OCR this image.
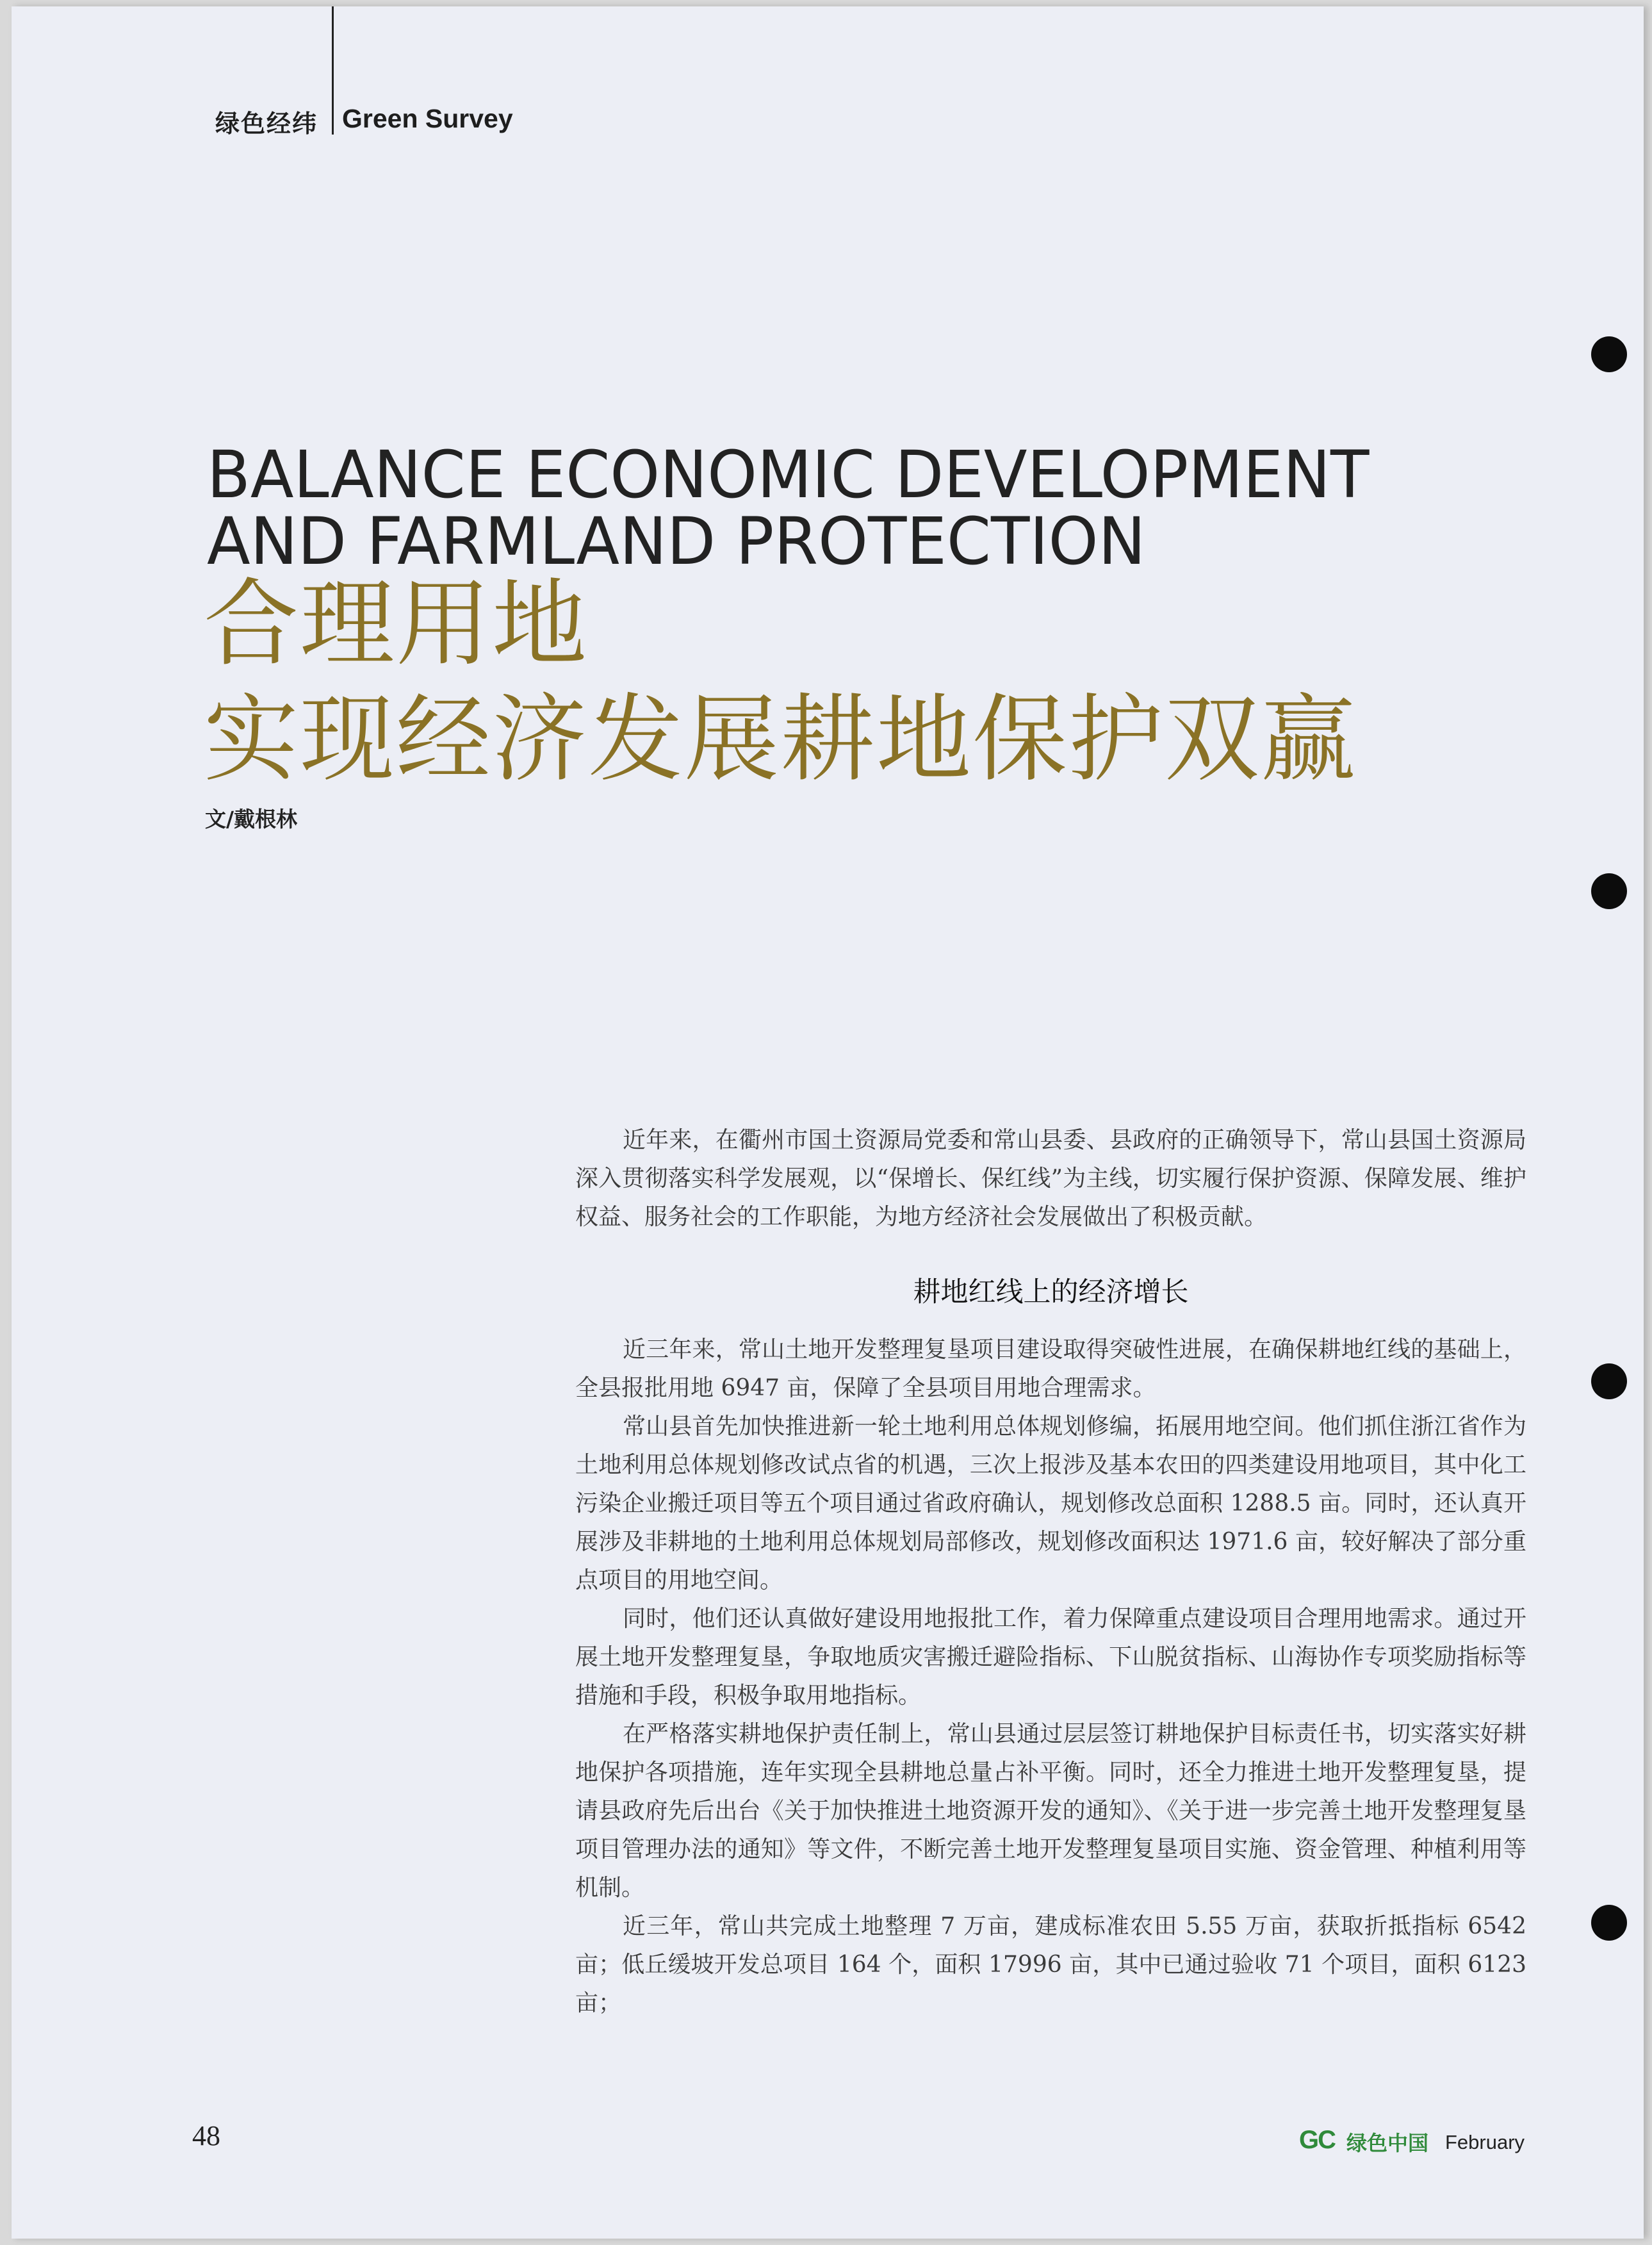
绿色经纬 Green Survey
BALANCE ECONOMIC DEVELOPMENT
AND FARMLAND PROTECTION
合理用地
实现经济发展耕地保护双赢
文/戴根林

近年来，在衢州市国土资源局党委和常山县委、县政府的正确领导下，常山县国土资源局深入贯彻落实科学发展观，以“保增长、保红线”为主线，切实履行保护资源、保障发展、维护权益、服务社会的工作职能，为地方经济社会发展做出了积极贡献。

耕地红线上的经济增长

近三年来，常山土地开发整理复垦项目建设取得突破性进展，在确保耕地红线的基础上，全县报批用地 6947 亩，保障了全县项目用地合理需求。

常山县首先加快推进新一轮土地利用总体规划修编，拓展用地空间。他们抓住浙江省作为土地利用总体规划修改试点省的机遇，三次上报涉及基本农田的四类建设用地项目，其中化工污染企业搬迁项目等五个项目通过省政府确认，规划修改总面积 1288.5 亩。同时，还认真开展涉及非耕地的土地利用总体规划局部修改，规划修改面积达 1971.6 亩，较好解决了部分重点项目的用地空间。

同时，他们还认真做好建设用地报批工作，着力保障重点建设项目合理用地需求。通过开展土地开发整理复垦，争取地质灾害搬迁避险指标、下山脱贫指标、山海协作专项奖励指标等措施和手段，积极争取用地指标。

在严格落实耕地保护责任制上，常山县通过层层签订耕地保护目标责任书，切实落实好耕地保护各项措施，连年实现全县耕地总量占补平衡。同时，还全力推进土地开发整理复垦，提请县政府先后出台《关于加快推进土地资源开发的通知》、《关于进一步完善土地开发整理复垦项目管理办法的通知》等文件，不断完善土地开发整理复垦项目实施、资金管理、种植利用等机制。

近三年，常山共完成土地整理 7 万亩，建成标准农田 5.55 万亩，获取折抵指标 6542 亩；低丘缓坡开发总项目 164 个，面积 17996 亩，其中已通过验收 71 个项目，面积 6123 亩；

48	GC 绿色中国 February
